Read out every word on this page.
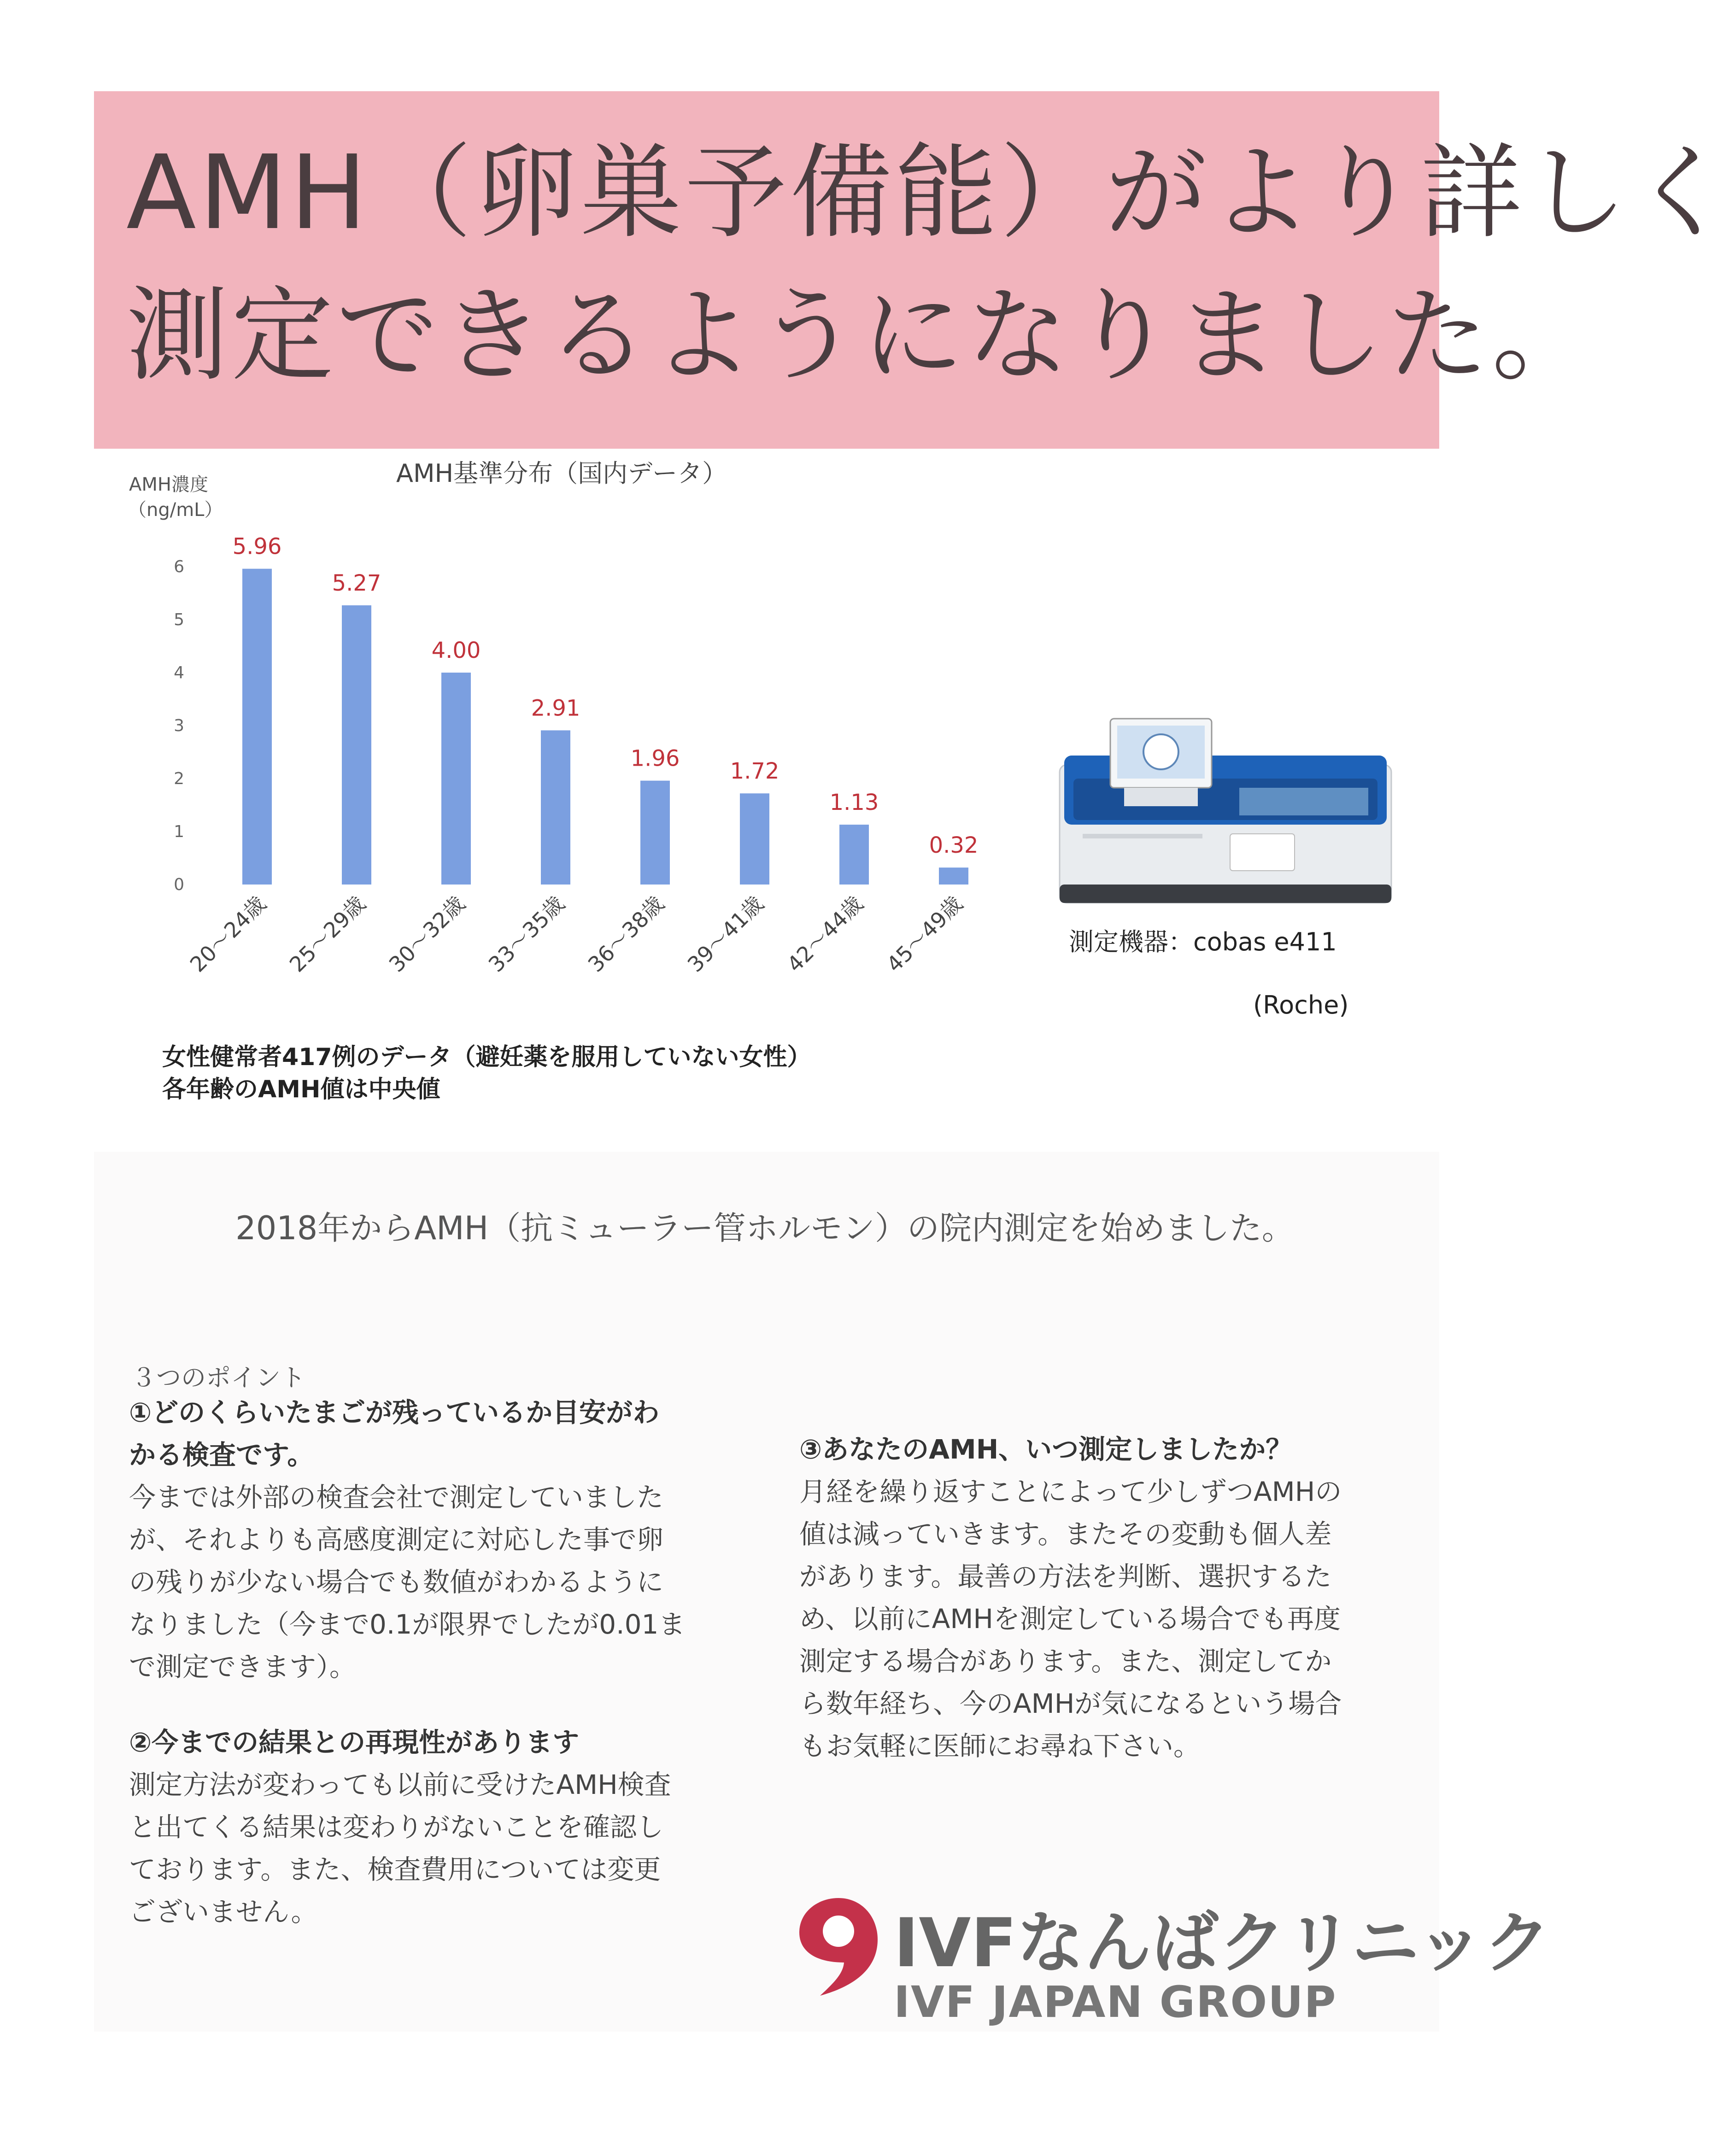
AMH（卵巣予備能）がより詳しく
測定できるようになりました。
AMH基準分布（国内データ）
AMH濃度
（ng/mL）
0
1
2
3
4
5
6
5.96
20～24歳
5.27
25～29歳
4.00
30～32歳
2.91
33～35歳
1.96
36～38歳
1.72
39～41歳
1.13
42～44歳
0.32
45～49歳	測定機器：cobas e411
(Roche)
女性健常者417例のデータ（避妊薬を服用していない女性）
各年齢のAMH値は中央値
2018年からAMH（抗ミューラー管ホルモン）の院内測定を始めました。
３つのポイント

①どのくらいたまごが残っているか目安がわ

かる検査です。

今までは外部の検査会社で測定していました

が、それよりも高感度測定に対応した事で卵

の残りが少ない場合でも数値がわかるように

なりました（今まで0.1が限界でしたが0.01ま

で測定できます）。

②今までの結果との再現性があります

測定方法が変わっても以前に受けたAMH検査

と出てくる結果は変わりがないことを確認し

ております。また、検査費用については変更

ございません。

③あなたのAMH、いつ測定しましたか？

月経を繰り返すことによって少しずつAMHの

値は減っていきます。またその変動も個人差

があります。最善の方法を判断、選択するた

め、以前にAMHを測定している場合でも再度

測定する場合があります。また、測定してか

ら数年経ち、今のAMHが気になるという場合

もお気軽に医師にお尋ね下さい。

IVFなんばクリニック
IVF JAPAN GROUP
